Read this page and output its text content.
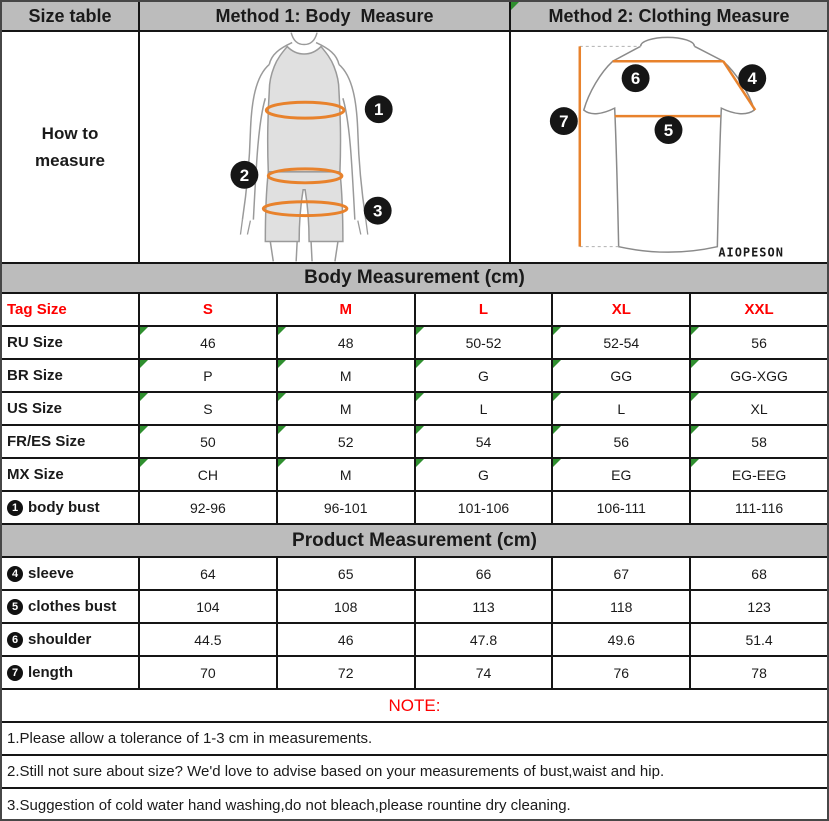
Size table	Method 1: Body  Measure	Method 2: Clothing Measure
How to measure
1
2
3
7
6	4
5
AIOPESON
Body Measurement (cm)
Tag Size	S	M	L	XL	XXL
RU Size	46	48	50-52	52-54	56
BR Size	P	M	G	GG	GG-XGG
US Size	S	M	L	L	XL
FR/ES Size	50	52	54	56	58
MX Size	CH	M	G	EG	EG-EEG
1 body bust	92-96	96-101	101-106	106-111	111-116
Product Measurement (cm)
4 sleeve	64	65	66	67	68
5 clothes bust	104	108	113	118	123
6 shoulder	44.5	46	47.8	49.6	51.4
7 length	70	72	74	76	78
NOTE:
1.Please allow a tolerance of 1-3 cm in measurements.
2.Still not sure about size? We'd love to advise based on your measurements of bust,waist and hip.
3.Suggestion of cold water hand washing,do not bleach,please rountine dry cleaning.
